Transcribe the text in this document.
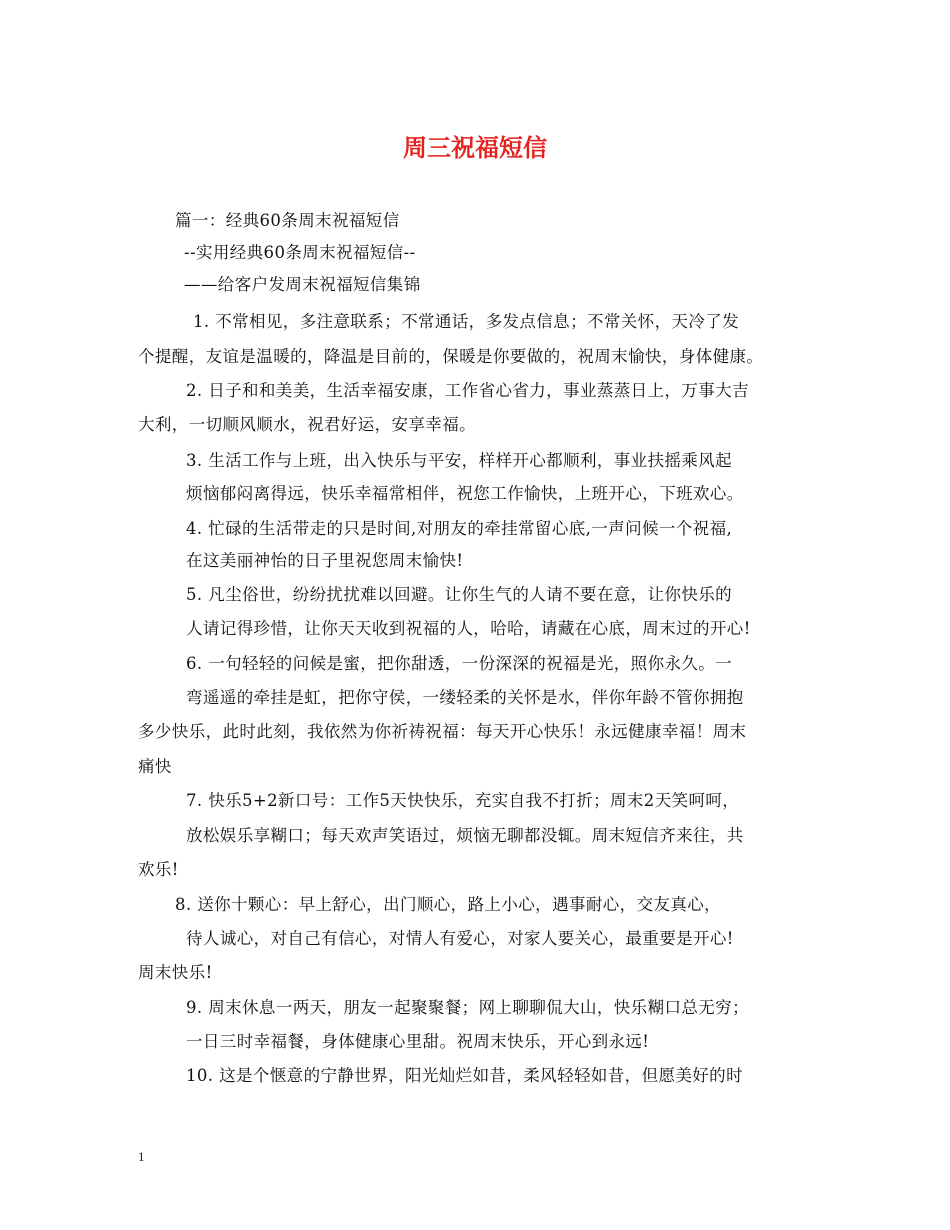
周三祝福短信
篇一：经典60条周末祝福短信
--实用经典60条周末祝福短信--
——给客户发周末祝福短信集锦
1. 不常相见，多注意联系；不常通话，多发点信息；不常关怀，天冷了发
个提醒，友谊是温暖的，降温是目前的，保暖是你要做的，祝周末愉快，身体健康。
2. 日子和和美美，生活幸福安康，工作省心省力，事业蒸蒸日上，万事大吉
大利，一切顺风顺水，祝君好运，安享幸福。
3. 生活工作与上班，出入快乐与平安，样样开心都顺利，事业扶摇乘风起
烦恼郁闷离得远，快乐幸福常相伴，祝您工作愉快，上班开心，下班欢心。
4. 忙碌的生活带走的只是时间,对朋友的牵挂常留心底,一声问候一个祝福,
在这美丽神怡的日子里祝您周末愉快!
5. 凡尘俗世，纷纷扰扰难以回避。让你生气的人请不要在意，让你快乐的
人请记得珍惜，让你天天收到祝福的人，哈哈，请藏在心底，周末过的开心!
6. 一句轻轻的问候是蜜，把你甜透，一份深深的祝福是光，照你永久。一
弯遥遥的牵挂是虹，把你守侯，一缕轻柔的关怀是水，伴你年龄不管你拥抱
多少快乐，此时此刻，我依然为你祈祷祝福：每天开心快乐！永远健康幸福！周末
痛快
7. 快乐5+2新口号：工作5天快快乐，充实自我不打折；周末2天笑呵呵，
放松娱乐享糊口；每天欢声笑语过，烦恼无聊都没辄。周末短信齐来往，共
欢乐!
8. 送你十颗心：早上舒心，出门顺心，路上小心，遇事耐心，交友真心，
待人诚心，对自己有信心，对情人有爱心，对家人要关心，最重要是开心!
周末快乐!
9. 周末休息一两天，朋友一起聚聚餐；网上聊聊侃大山，快乐糊口总无穷；
一日三时幸福餐，身体健康心里甜。祝周末快乐，开心到永远!
10. 这是个惬意的宁静世界，阳光灿烂如昔，柔风轻轻如昔，但愿美好的时
1
